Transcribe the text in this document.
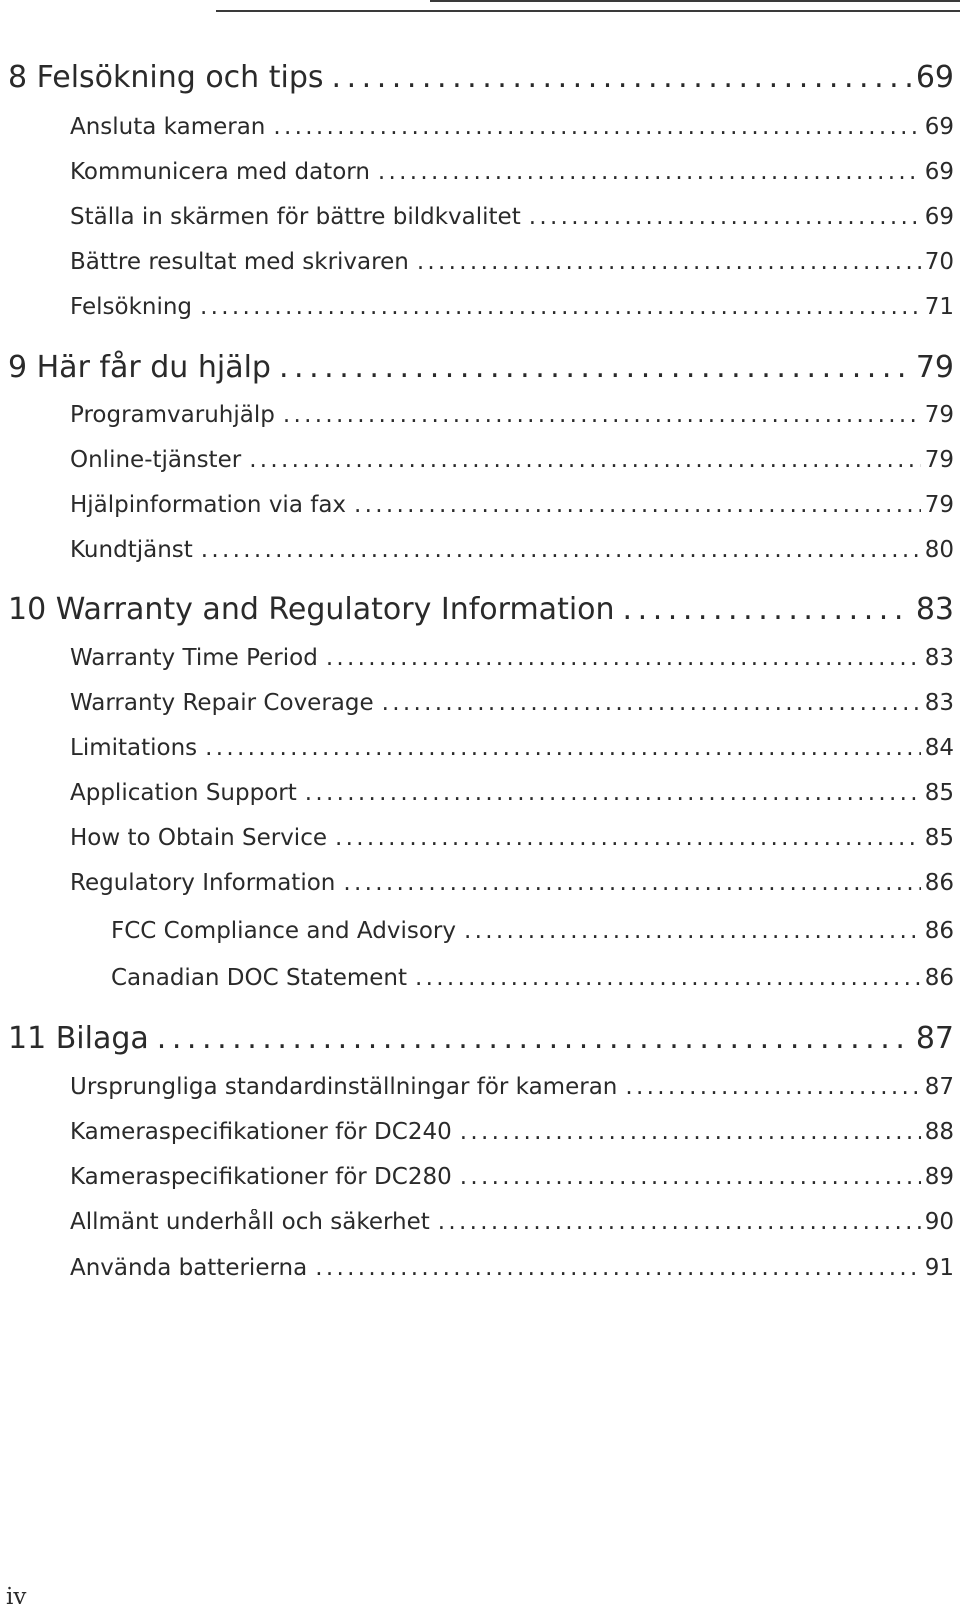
8 Felsökning och tips . . .	69
Ansluta kameran . . .	69
Kommunicera med datorn . . .	69
Ställa in skärmen för bättre bildkvalitet . . .	69
Bättre resultat med skrivaren . . .	70
Felsökning . . .	71
9 Här får du hjälp . . .	79
Programvaruhjälp . . .	79
Online-tjänster . . .	79
Hjälpinformation via fax . . .	79
Kundtjänst . . .	80
10 Warranty and Regulatory Information . . .	83
Warranty Time Period . . .	83
Warranty Repair Coverage . . .	83
Limitations . . .	84
Application Support . . .	85
How to Obtain Service . . .	85
Regulatory Information . . .	86
FCC Compliance and Advisory . . .	86
Canadian DOC Statement . . .	86
11 Bilaga . . .	87
Ursprungliga standardinställningar för kameran . . .	87
Kameraspecifikationer för DC240 . . .	88
Kameraspecifikationer för DC280 . . .	89
Allmänt underhåll och säkerhet . . .	90
Använda batterierna . . .	91
iv
